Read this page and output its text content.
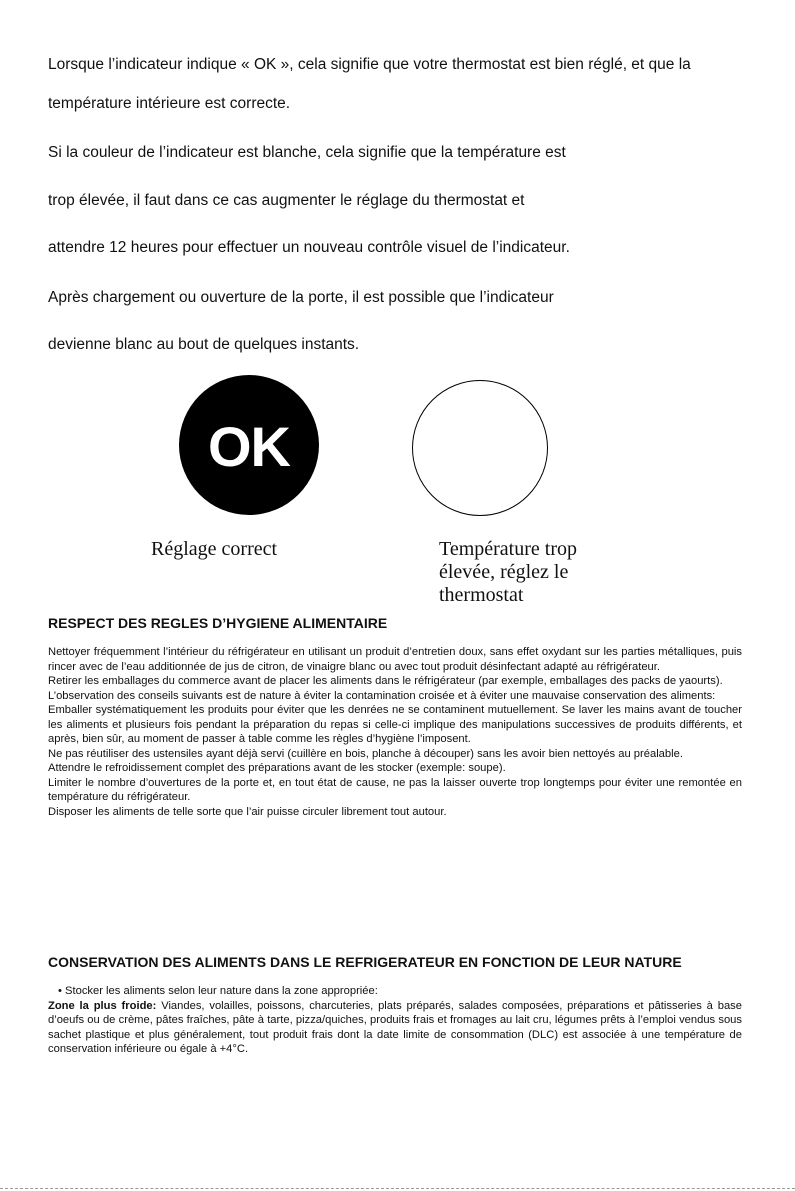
Lorsque l’indicateur indique « OK », cela signifie que votre thermostat est bien réglé, et que la
température intérieure est correcte.
Si la couleur de l’indicateur est blanche, cela signifie que la température est
trop élevée, il faut dans ce cas augmenter le réglage du thermostat et
attendre 12 heures pour effectuer un nouveau contrôle visuel de l’indicateur.
Après chargement ou ouverture de la porte, il est possible que l’indicateur
devienne blanc au bout de quelques instants.
OK
Réglage correct	Température trop
élevée, réglez le
thermostat
RESPECT DES REGLES D’HYGIENE ALIMENTAIRE

Nettoyer fréquemment l’intérieur du réfrigérateur en utilisant un produit d’entretien doux, sans effet oxydant sur les parties métalliques, puis rincer avec de l’eau additionnée de jus de citron, de vinaigre blanc ou avec tout produit désinfectant adapté au réfrigérateur.

Retirer les emballages du commerce avant de placer les aliments dans le réfrigérateur (par exemple, emballages des packs de yaourts).

L’observation des conseils suivants est de nature à éviter la contamination croisée et à éviter une mauvaise conservation des aliments:

Emballer systématiquement les produits pour éviter que les denrées ne se contaminent mutuellement. Se laver les mains avant de toucher les aliments et plusieurs fois pendant la préparation du repas si celle-ci implique des manipulations successives de produits différents, et après, bien sûr, au moment de passer à table comme les règles d’hygiène l’imposent.

Ne pas réutiliser des ustensiles ayant déjà servi (cuillère en bois, planche à découper) sans les avoir bien nettoyés au préalable.

Attendre le refroidissement complet des préparations avant de les stocker (exemple: soupe).

Limiter le nombre d’ouvertures de la porte et, en tout état de cause, ne pas la laisser ouverte trop longtemps pour éviter une remontée en température du réfrigérateur.

Disposer les aliments de telle sorte que l’air puisse circuler librement tout autour.

CONSERVATION DES ALIMENTS DANS LE REFRIGERATEUR EN FONCTION DE LEUR NATURE

• Stocker les aliments selon leur nature dans la zone appropriée:

Zone la plus froide: Viandes, volailles, poissons, charcuteries, plats préparés, salades composées, préparations et pâtisseries à base d’oeufs ou de crème, pâtes fraîches, pâte à tarte, pizza/quiches, produits frais et fromages au lait cru, légumes prêts à l’emploi vendus sous sachet plastique et plus généralement, tout produit frais dont la date limite de consommation (DLC) est associée à une température de conservation inférieure ou égale à +4°C.
